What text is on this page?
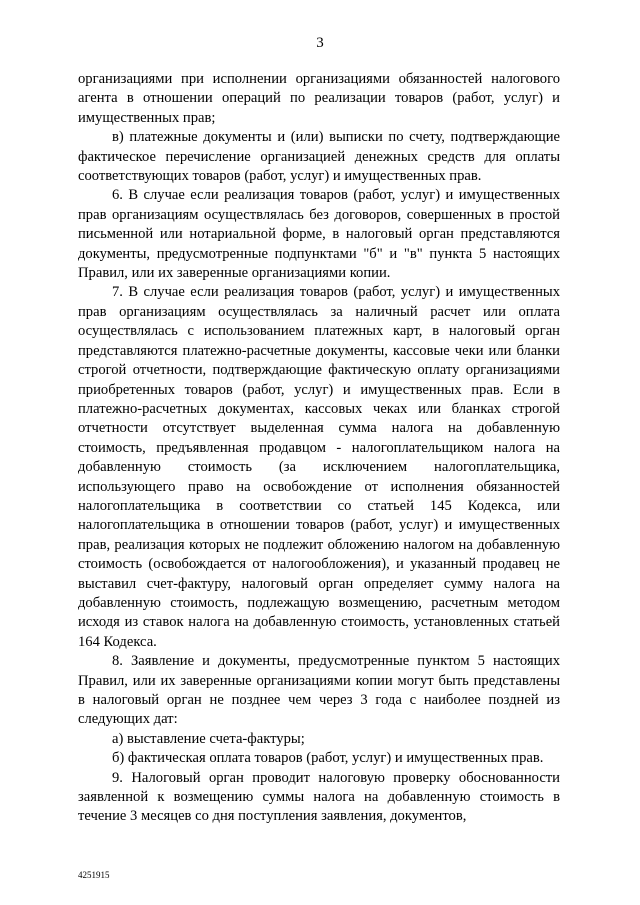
3

организациями при исполнении организациями обязанностей налогового агента в отношении операций по реализации товаров (работ, услуг) и имущественных прав;

в) платежные документы и (или) выписки по счету, подтверждающие фактическое перечисление организацией денежных средств для оплаты соответствующих товаров (работ, услуг) и имущественных прав.

6. В случае если реализация товаров (работ, услуг) и имущественных прав организациям осуществлялась без договоров, совершенных в простой письменной или нотариальной форме, в налоговый орган представляются документы, предусмотренные подпунктами "б" и "в" пункта 5 настоящих Правил, или их заверенные организациями копии.

7. В случае если реализация товаров (работ, услуг) и имущественных прав организациям осуществлялась за наличный расчет или оплата осуществлялась с использованием платежных карт, в налоговый орган представляются платежно-расчетные документы, кассовые чеки или бланки строгой отчетности, подтверждающие фактическую оплату организациями приобретенных товаров (работ, услуг) и имущественных прав. Если в платежно-расчетных документах, кассовых чеках или бланках строгой отчетности отсутствует выделенная сумма налога на добавленную стоимость, предъявленная продавцом - налогоплательщиком налога на добавленную стоимость (за исключением налогоплательщика, использующего право на освобождение от исполнения обязанностей налогоплательщика в соответствии со статьей 145 Кодекса, или налогоплательщика в отношении товаров (работ, услуг) и имущественных прав, реализация которых не подлежит обложению налогом на добавленную стоимость (освобождается от налогообложения), и указанный продавец не выставил счет-фактуру, налоговый орган определяет сумму налога на добавленную стоимость, подлежащую возмещению, расчетным методом исходя из ставок налога на добавленную стоимость, установленных статьей 164 Кодекса.

8. Заявление и документы, предусмотренные пунктом 5 настоящих Правил, или их заверенные организациями копии могут быть представлены в налоговый орган не позднее чем через 3 года с наиболее поздней из следующих дат:

а) выставление счета-фактуры;

б) фактическая оплата товаров (работ, услуг) и имущественных прав.

9. Налоговый орган проводит налоговую проверку обоснованности заявленной к возмещению суммы налога на добавленную стоимость в течение 3 месяцев со дня поступления заявления, документов,

4251915
